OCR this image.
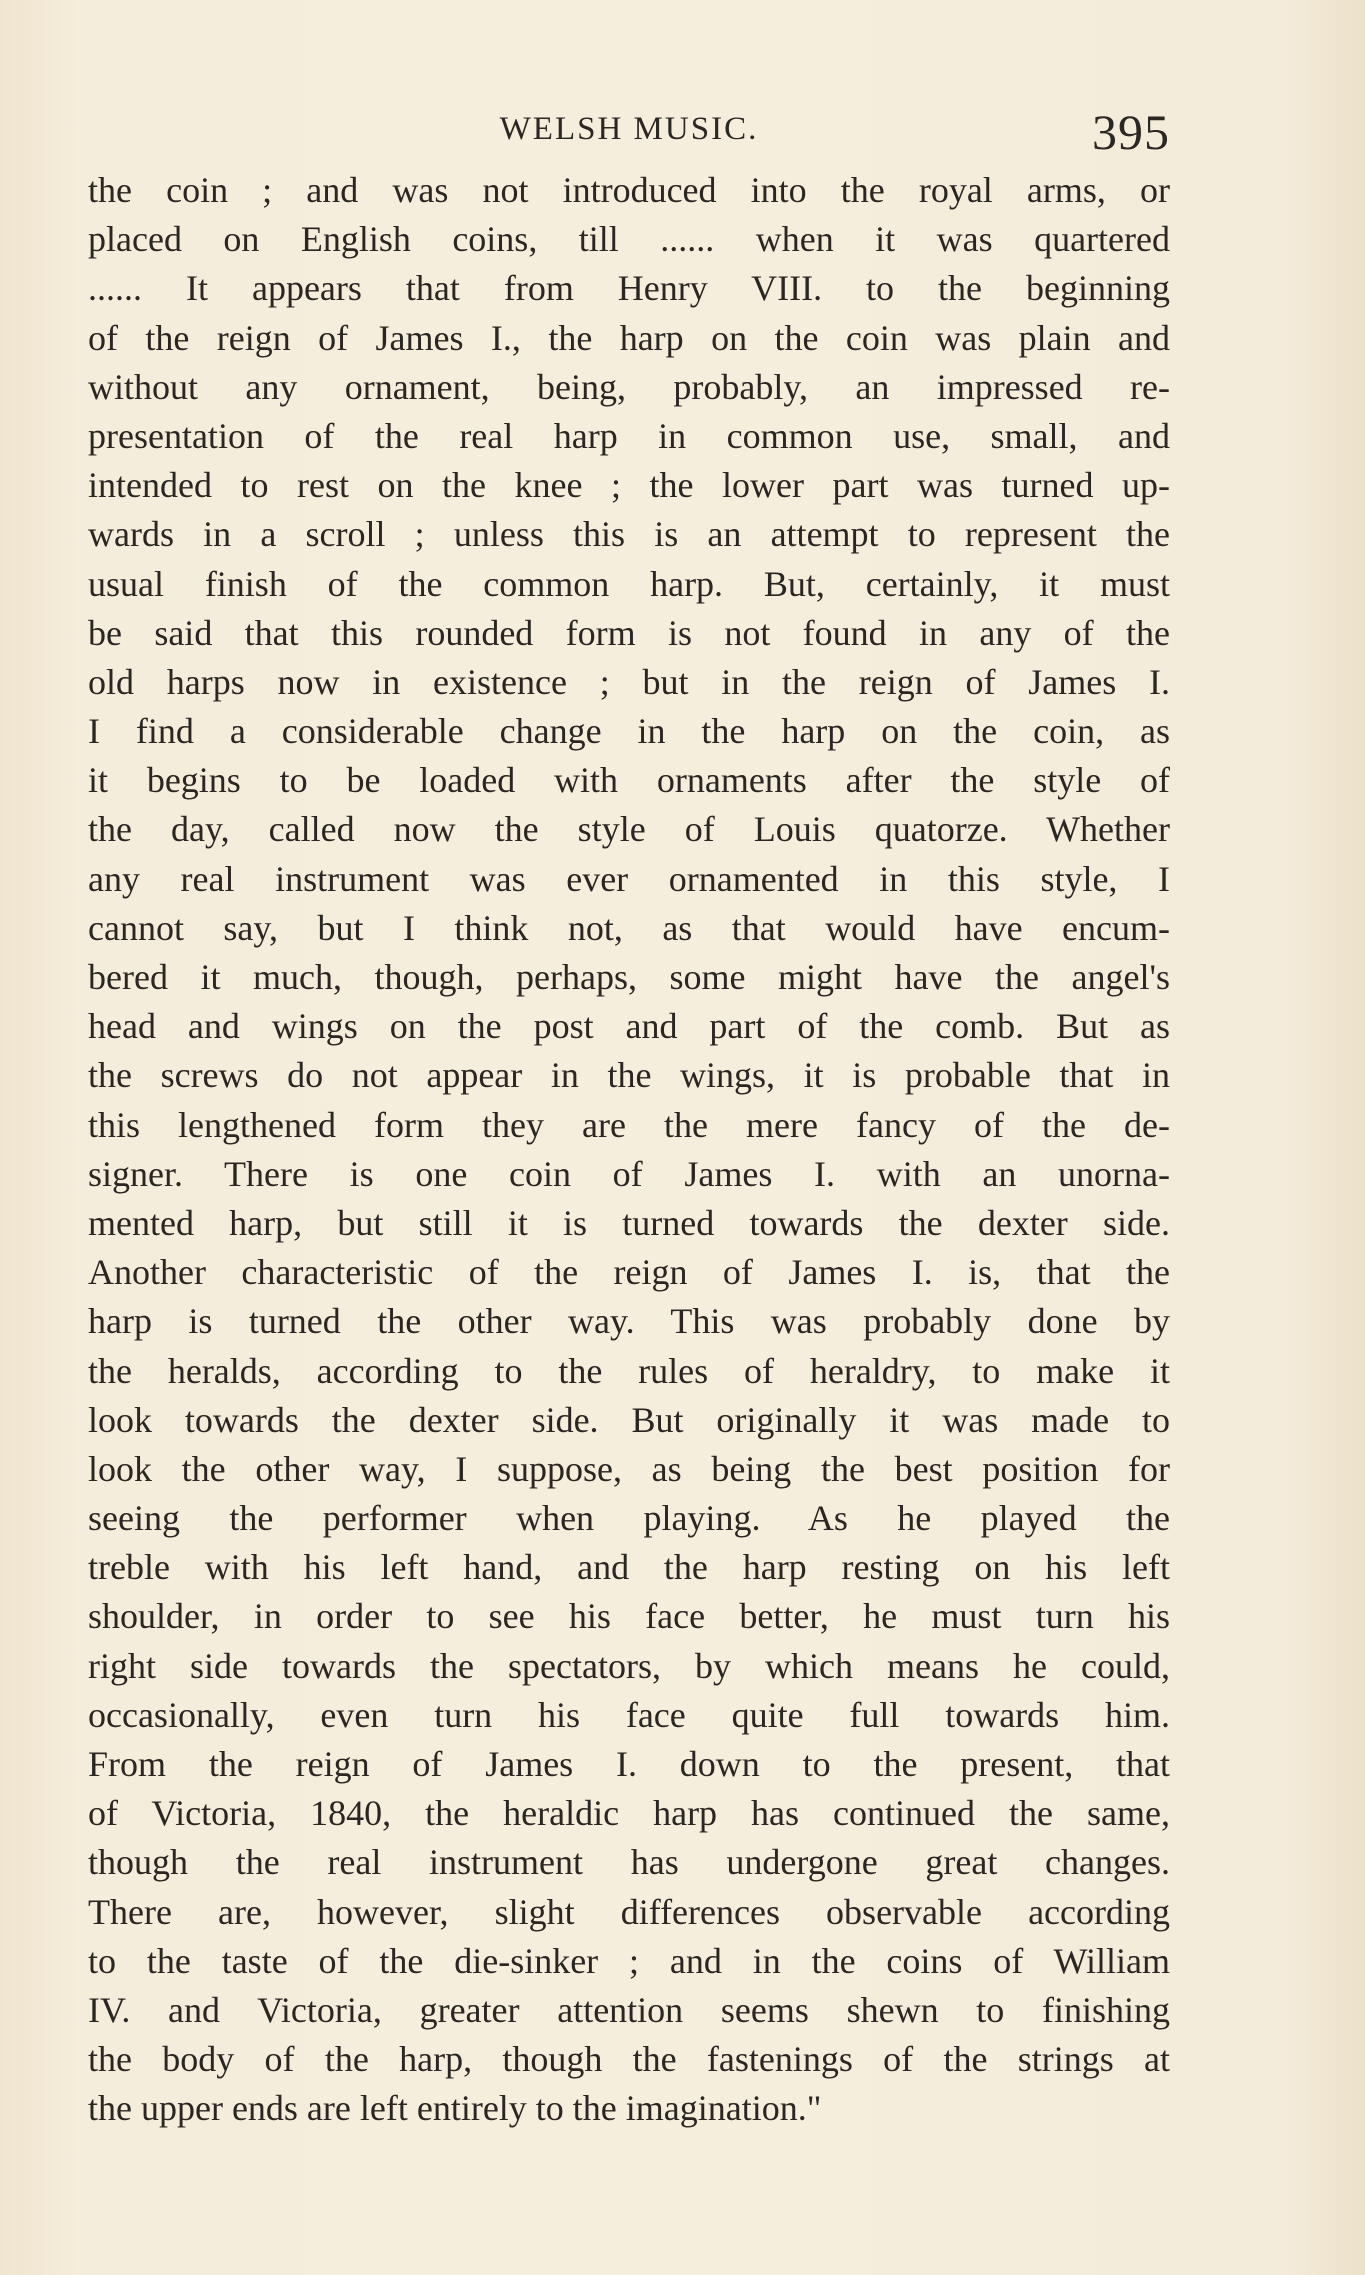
WELSH MUSIC.	395
the coin ; and was not introduced into the royal arms, or
placed on English coins, till ...... when it was quartered
...... It appears that from Henry VIII. to the beginning
of the reign of James I., the harp on the coin was plain and
without any ornament, being, probably, an impressed re-
presentation of the real harp in common use, small, and
intended to rest on the knee ; the lower part was turned up-
wards in a scroll ; unless this is an attempt to represent the
usual finish of the common harp. But, certainly, it must
be said that this rounded form is not found in any of the
old harps now in existence ; but in the reign of James I.
I find a considerable change in the harp on the coin, as
it begins to be loaded with ornaments after the style of
the day, called now the style of Louis quatorze. Whether
any real instrument was ever ornamented in this style, I
cannot say, but I think not, as that would have encum-
bered it much, though, perhaps, some might have the angel's
head and wings on the post and part of the comb. But as
the screws do not appear in the wings, it is probable that in
this lengthened form they are the mere fancy of the de-
signer. There is one coin of James I. with an unorna-
mented harp, but still it is turned towards the dexter side.
Another characteristic of the reign of James I. is, that the
harp is turned the other way. This was probably done by
the heralds, according to the rules of heraldry, to make it
look towards the dexter side. But originally it was made to
look the other way, I suppose, as being the best position for
seeing the performer when playing. As he played the
treble with his left hand, and the harp resting on his left
shoulder, in order to see his face better, he must turn his
right side towards the spectators, by which means he could,
occasionally, even turn his face quite full towards him.
From the reign of James I. down to the present, that
of Victoria, 1840, the heraldic harp has continued the same,
though the real instrument has undergone great changes.
There are, however, slight differences observable according
to the taste of the die-sinker ; and in the coins of William
IV. and Victoria, greater attention seems shewn to finishing
the body of the harp, though the fastenings of the strings at
the upper ends are left entirely to the imagination."
